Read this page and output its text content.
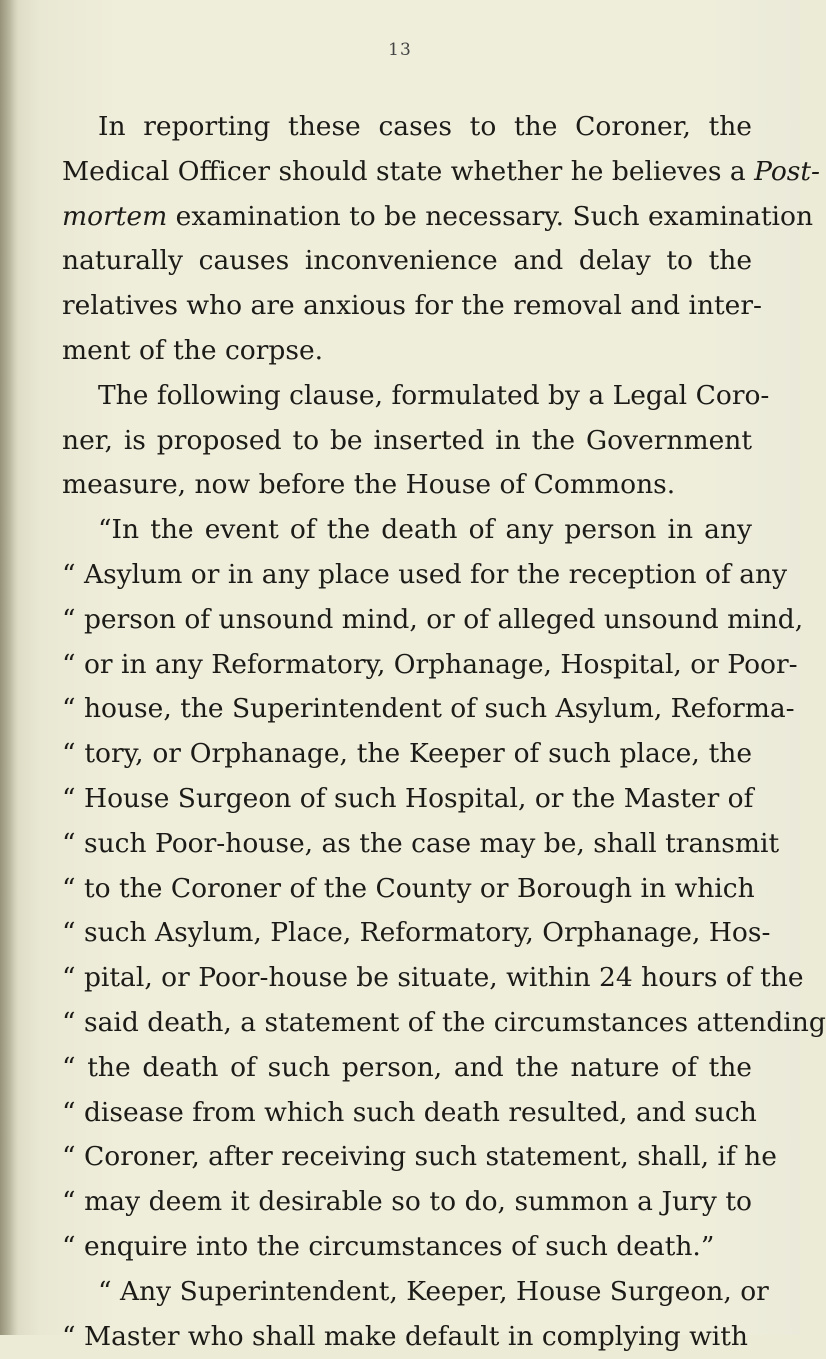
13
In reporting these cases to the Coroner, the
Medical Officer should state whether he believes a Post-
mortem examination to be necessary. Such examination
naturally causes inconvenience and delay to the
relatives who are anxious for the removal and inter-
ment of the corpse.
The following clause, formulated by a Legal Coro-
ner, is proposed to be inserted in the Government
measure, now before the House of Commons.
“In the event of the death of any person in any
“ Asylum or in any place used for the reception of any
“ person of unsound mind, or of alleged unsound mind,
“ or in any Reformatory, Orphanage, Hospital, or Poor-
“ house, the Superintendent of such Asylum, Reforma-
“ tory, or Orphanage, the Keeper of such place, the
“ House Surgeon of such Hospital, or the Master of
“ such Poor-house, as the case may be, shall transmit
“ to the Coroner of the County or Borough in which
“ such Asylum, Place, Reformatory, Orphanage, Hos-
“ pital, or Poor-house be situate, within 24 hours of the
“ said death, a statement of the circumstances attending
“ the death of such person, and the nature of the
“ disease from which such death resulted, and such
“ Coroner, after receiving such statement, shall, if he
“ may deem it desirable so to do, summon a Jury to
“ enquire into the circumstances of such death.”
“ Any Superintendent, Keeper, House Surgeon, or
“ Master who shall make default in complying with
